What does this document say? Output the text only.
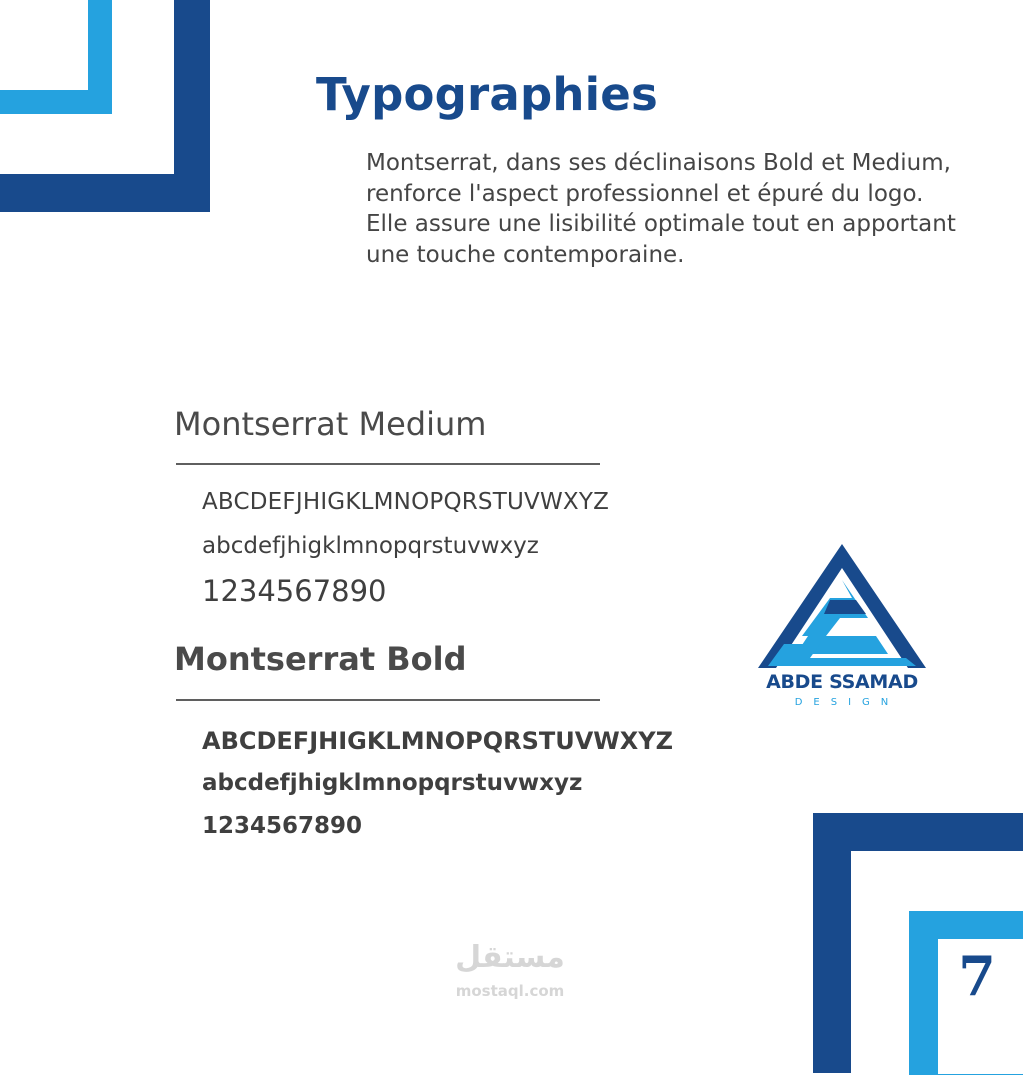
7
Typographies

Montserrat, dans ses déclinaisons Bold et Medium, renforce l'aspect professionnel et épuré du logo. Elle assure une lisibilité optimale tout en apportant une touche contemporaine.

Montserrat Medium

ABCDEFJHIGKLMNOPQRSTUVWXYZ

abcdefjhigklmnopqrstuvwxyz

1234567890

Montserrat Bold

ABCDEFJHIGKLMNOPQRSTUVWXYZ

abcdefjhigklmnopqrstuvwxyz

1234567890

ABDE SSAMAD
DESIGN
مستقل
mostaql.com
